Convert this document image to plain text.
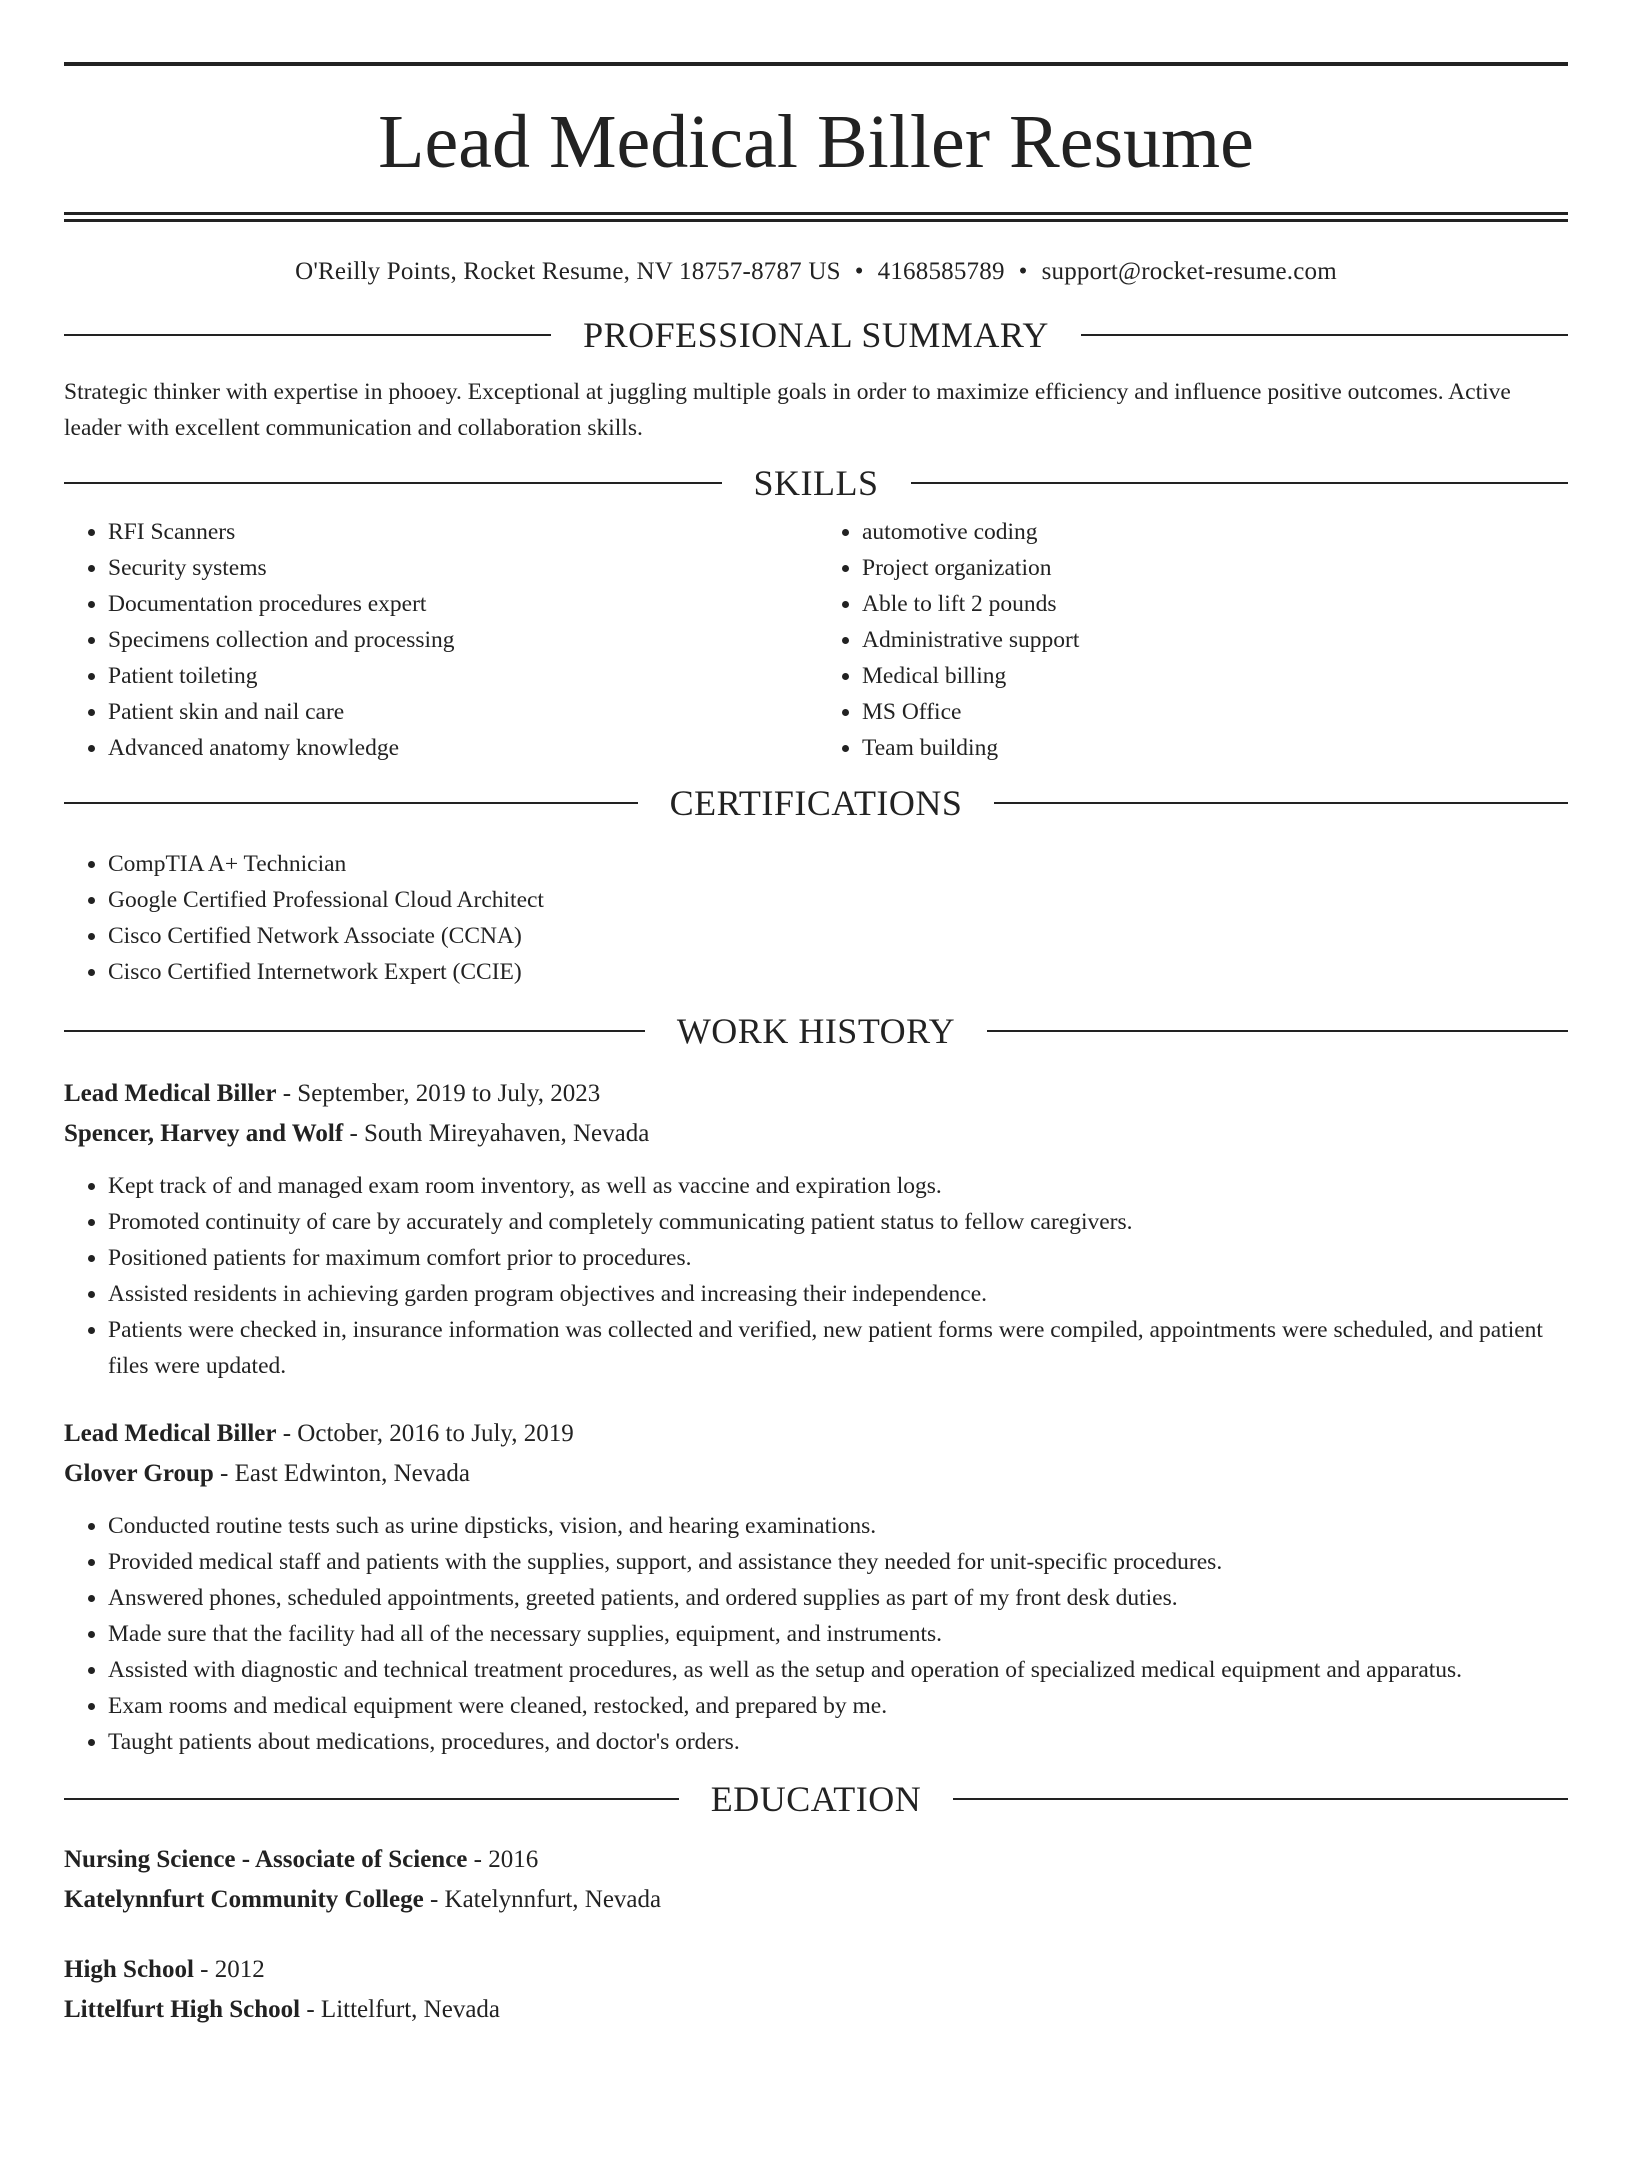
Lead Medical Biller Resume
O'Reilly Points, Rocket Resume, NV 18757-8787 US • 4168585789 • support@rocket-resume.com
PROFESSIONAL SUMMARY

Strategic thinker with expertise in phooey. Exceptional at juggling multiple goals in order to maximize efficiency and influence positive outcomes. Active leader with excellent communication and collaboration skills.

SKILLS
• RFI Scanners
• Security systems
• Documentation procedures expert
• Specimens collection and processing
• Patient toileting
• Patient skin and nail care
• Advanced anatomy knowledge
• automotive coding
• Project organization
• Able to lift 2 pounds
• Administrative support
• Medical billing
• MS Office
• Team building
CERTIFICATIONS
• CompTIA A+ Technician
• Google Certified Professional Cloud Architect
• Cisco Certified Network Associate (CCNA)
• Cisco Certified Internetwork Expert (CCIE)
WORK HISTORY
Lead Medical Biller - September, 2019 to July, 2023
Spencer, Harvey and Wolf - South Mireyahaven, Nevada
• Kept track of and managed exam room inventory, as well as vaccine and expiration logs.
• Promoted continuity of care by accurately and completely communicating patient status to fellow caregivers.
• Positioned patients for maximum comfort prior to procedures.
• Assisted residents in achieving garden program objectives and increasing their independence.
• Patients were checked in, insurance information was collected and verified, new patient forms were compiled, appointments were scheduled, and patient files were updated.
Lead Medical Biller - October, 2016 to July, 2019
Glover Group - East Edwinton, Nevada
• Conducted routine tests such as urine dipsticks, vision, and hearing examinations.
• Provided medical staff and patients with the supplies, support, and assistance they needed for unit-specific procedures.
• Answered phones, scheduled appointments, greeted patients, and ordered supplies as part of my front desk duties.
• Made sure that the facility had all of the necessary supplies, equipment, and instruments.
• Assisted with diagnostic and technical treatment procedures, as well as the setup and operation of specialized medical equipment and apparatus.
• Exam rooms and medical equipment were cleaned, restocked, and prepared by me.
• Taught patients about medications, procedures, and doctor's orders.
EDUCATION
Nursing Science - Associate of Science - 2016
Katelynnfurt Community College - Katelynnfurt, Nevada
High School - 2012
Littelfurt High School - Littelfurt, Nevada
